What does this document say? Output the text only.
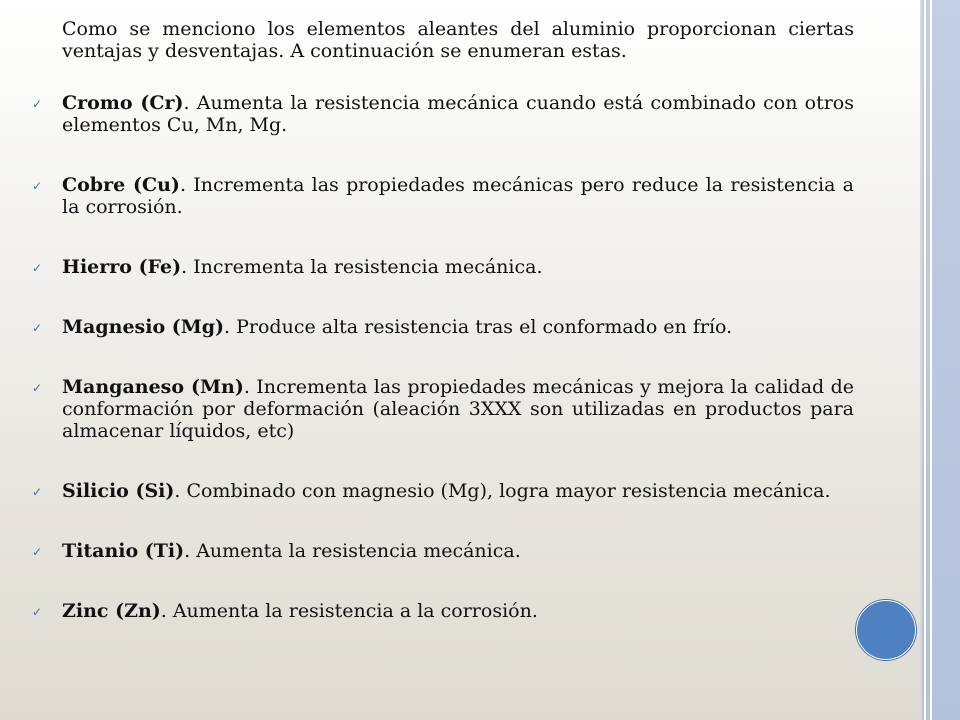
Como se menciono los elementos aleantes del aluminio proporcionan ciertas ventajas y desventajas. A continuación se enumeran estas.

✓ Cromo (Cr). Aumenta la resistencia mecánica cuando está combinado con otros elementos Cu, Mn, Mg.
✓ Cobre (Cu). Incrementa las propiedades mecánicas pero reduce la resistencia a la corrosión.
✓ Hierro (Fe). Incrementa la resistencia mecánica.
✓ Magnesio (Mg). Produce alta resistencia tras el conformado en frío.
✓ Manganeso (Mn). Incrementa las propiedades mecánicas y mejora la calidad de conformación por deformación (aleación 3XXX son utilizadas en productos para almacenar líquidos, etc)
✓ Silicio (Si). Combinado con magnesio (Mg), logra mayor resistencia mecánica.
✓ Titanio (Ti). Aumenta la resistencia mecánica.
✓ Zinc (Zn). Aumenta la resistencia a la corrosión.
